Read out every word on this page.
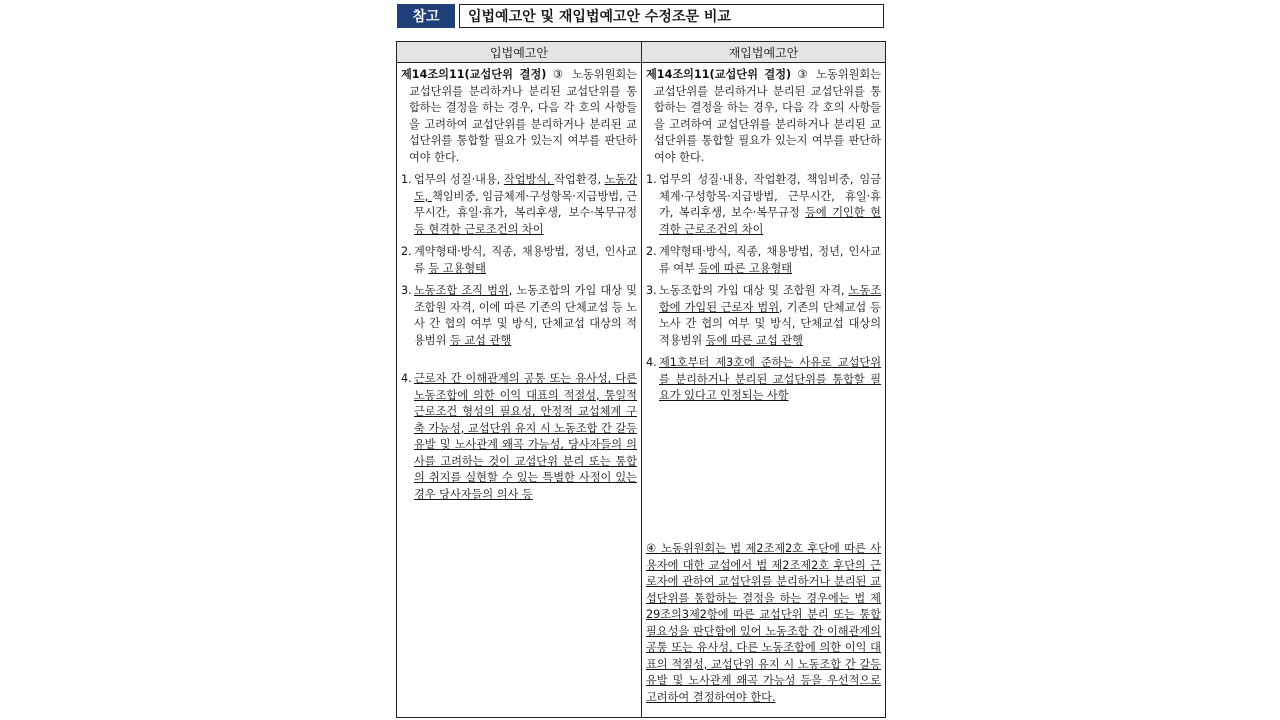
참고	입법예고안 및 재입법예고안 수정조문 비교
입법예고안

제14조의11(교섭단위 결정) ③ 노동위원회는 교섭단위를 분리하거나 분리된 교섭단위를 통합하는 결정을 하는 경우, 다음 각 호의 사항들을 고려하여 교섭단위를 분리하거나 분리된 교섭단위를 통합할 필요가 있는지 여부를 판단하여야 한다.

1. 업무의 성질·내용, 작업방식, 작업환경, 노동강도, 책임비중, 임금체계·구성항목·지급방법, 근무시간, 휴일·휴가, 복리후생, 보수·복무규정 등 현격한 근로조건의 차이
2. 계약형태·방식, 직종, 채용방법, 정년, 인사교류 등 고용형태
3. 노동조합 조직 범위, 노동조합의 가입 대상 및 조합원 자격, 이에 따른 기존의 단체교섭 등 노사 간 협의 여부 및 방식, 단체교섭 대상의 적용범위 등 교섭 관행
4. 근로자 간 이해관계의 공통 또는 유사성, 다른 노동조합에 의한 이익 대표의 적절성, 통일적 근로조건 형성의 필요성, 안정적 교섭체계 구축 가능성, 교섭단위 유지 시 노동조합 간 갈등 유발 및 노사관계 왜곡 가능성, 당사자들의 의사를 고려하는 것이 교섭단위 분리 또는 통합의 취지를 실현할 수 있는 특별한 사정이 있는 경우 당사자들의 의사 등
재입법예고안

제14조의11(교섭단위 결정) ③ 노동위원회는 교섭단위를 분리하거나 분리된 교섭단위를 통합하는 결정을 하는 경우, 다음 각 호의 사항들을 고려하여 교섭단위를 분리하거나 분리된 교섭단위를 통합할 필요가 있는지 여부를 판단하여야 한다.

1. 업무의 성질·내용, 작업환경, 책임비중, 임금체계·구성항목·지급방법, 근무시간, 휴일·휴가, 복리후생, 보수·복무규정 등에 기인한 현격한 근로조건의 차이
2. 계약형태·방식, 직종, 채용방법, 정년, 인사교류 여부 등에 따른 고용형태
3. 노동조합의 가입 대상 및 조합원 자격, 노동조합에 가입된 근로자 범위, 기존의 단체교섭 등 노사 간 협의 여부 및 방식, 단체교섭 대상의 적용범위 등에 따른 교섭 관행
4. 제1호부터 제3호에 준하는 사유로 교섭단위를 분리하거나 분리된 교섭단위를 통합할 필요가 있다고 인정되는 사항

④ 노동위원회는 법 제2조제2호 후단에 따른 사용자에 대한 교섭에서 법 제2조제2호 후단의 근로자에 관하여 교섭단위를 분리하거나 분리된 교섭단위를 통합하는 결정을 하는 경우에는 법 제29조의3제2항에 따른 교섭단위 분리 또는 통합 필요성을 판단함에 있어 노동조합 간 이해관계의 공통 또는 유사성, 다른 노동조합에 의한 이익 대표의 적절성, 교섭단위 유지 시 노동조합 간 갈등 유발 및 노사관계 왜곡 가능성 등을 우선적으로 고려하여 결정하여야 한다.
